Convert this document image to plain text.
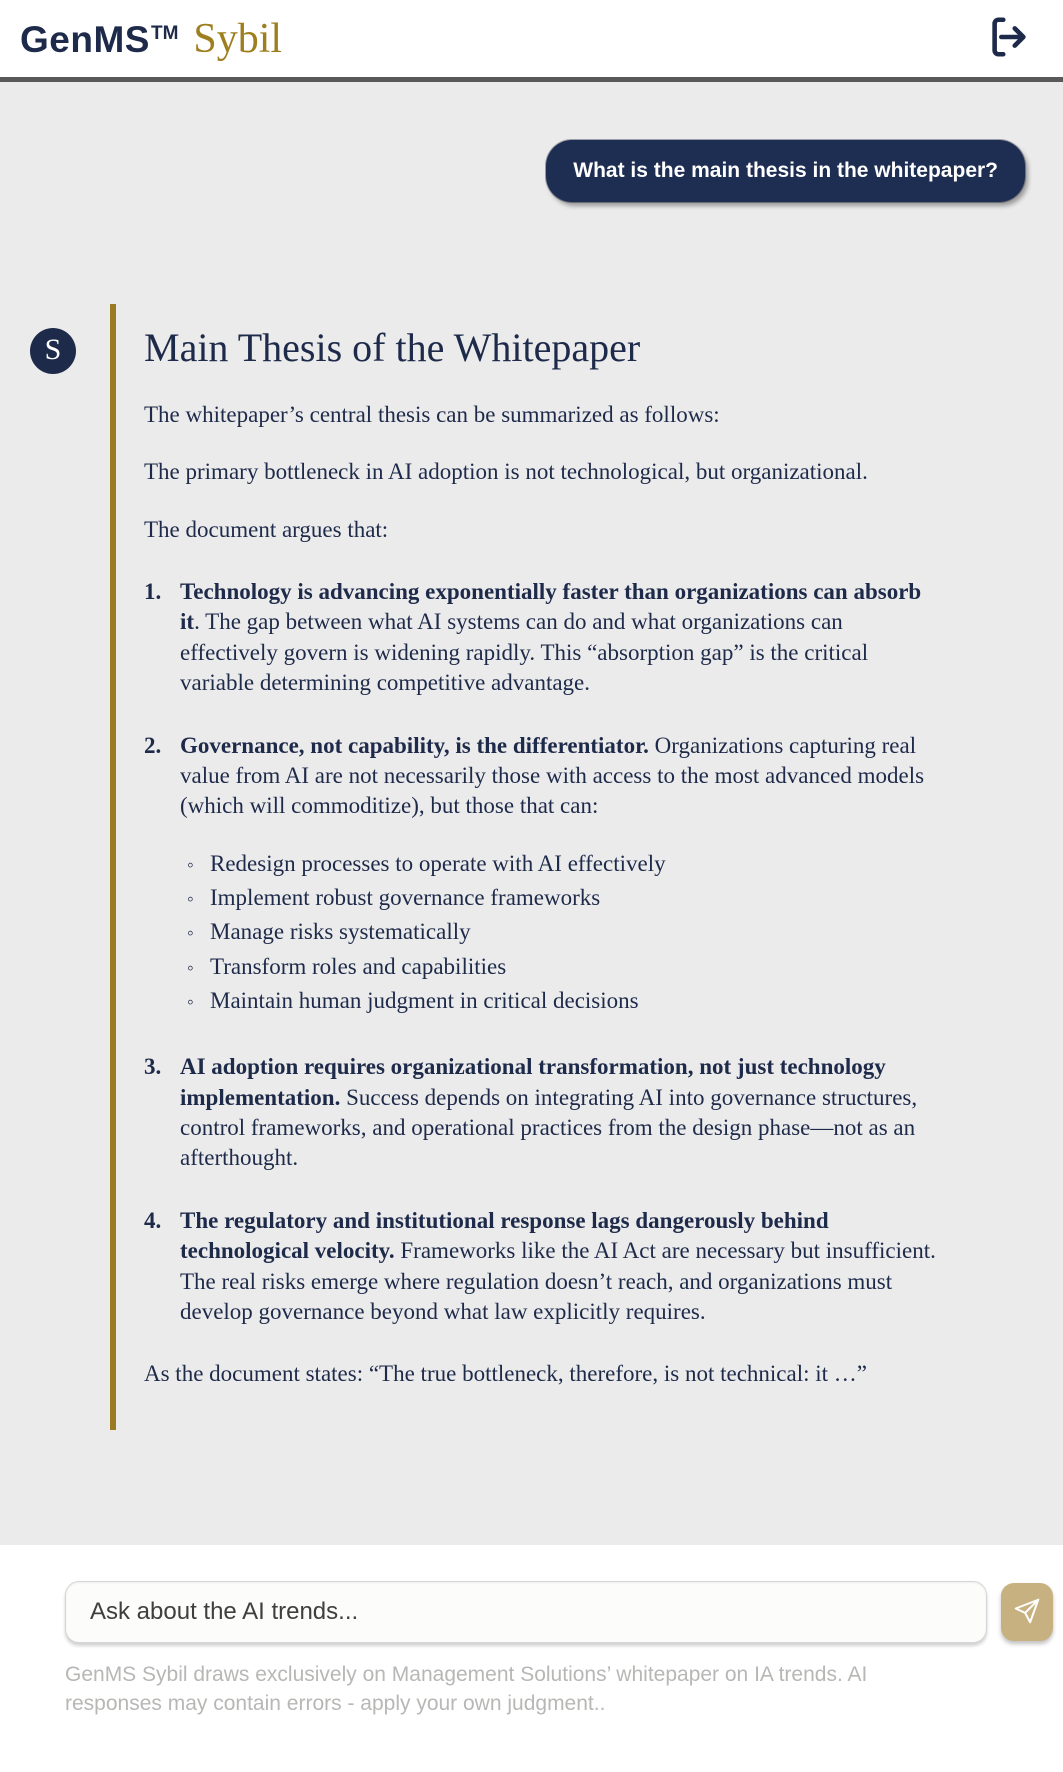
GenMS™ Sybil
What is the main thesis in the whitepaper?
S	Main Thesis of the Whitepaper

The whitepaper’s central thesis can be summarized as follows:

The primary bottleneck in AI adoption is not technological, but organizational.

The document argues that:

1. Technology is advancing exponentially faster than organizations can absorb it. The gap between what AI systems can do and what organizations can effectively govern is widening rapidly. This “absorption gap” is the critical variable determining competitive advantage.
2. Governance, not capability, is the differentiator. Organizations capturing real value from AI are not necessarily those with access to the most advanced models (which will commoditize), but those that can:
◦ Redesign processes to operate with AI effectively
◦ Implement robust governance frameworks
◦ Manage risks systematically
◦ Transform roles and capabilities
◦ Maintain human judgment in critical decisions
3. AI adoption requires organizational transformation, not just technology implementation. Success depends on integrating AI into governance structures, control frameworks, and operational practices from the design phase—not as an afterthought.
4. The regulatory and institutional response lags dangerously behind technological velocity. Frameworks like the AI Act are necessary but insufficient. The real risks emerge where regulation doesn’t reach, and organizations must develop governance beyond what law explicitly requires.

As the document states: “The true bottleneck, therefore, is not technical: it …”

Ask about the AI trends...

GenMS Sybil draws exclusively on Management Solutions’ whitepaper on IA trends. AI responses may contain errors - apply your own judgment..
